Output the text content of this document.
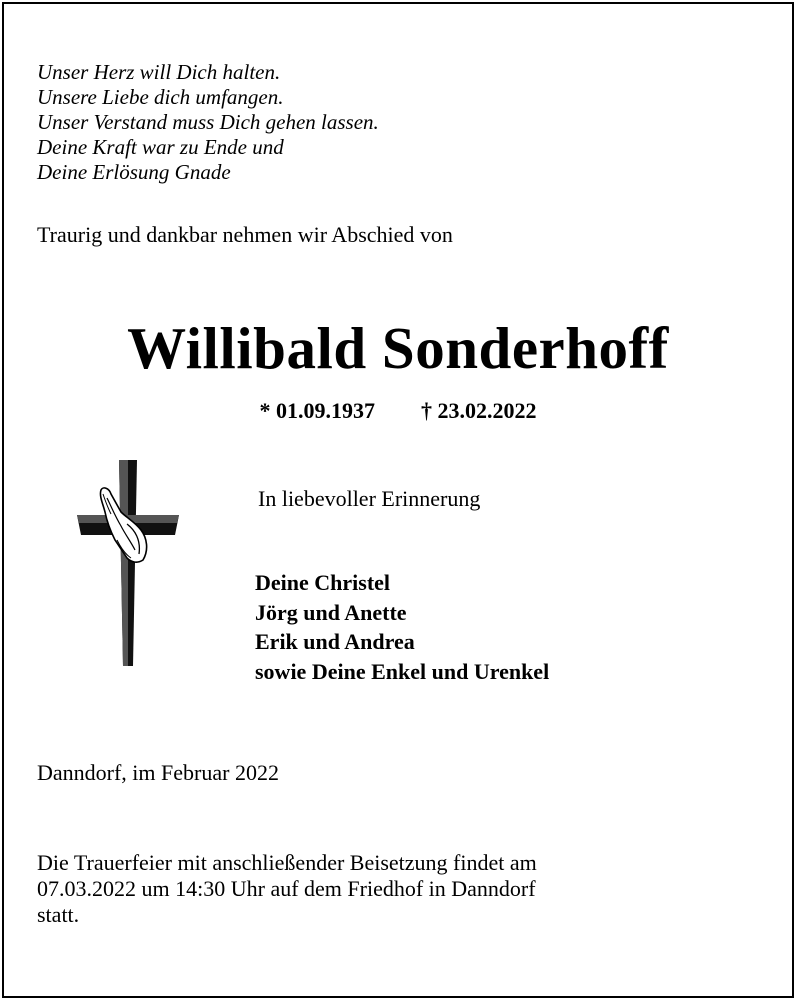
Unser Herz will Dich halten.
Unsere Liebe dich umfangen.
Unser Verstand muss Dich gehen lassen.
Deine Kraft war zu Ende und
Deine Erlösung Gnade
Traurig und dankbar nehmen wir Abschied von
Willibald Sonderhoff
* 01.09.1937 † 23.02.2022
In liebevoller Erinnerung
Deine Christel
Jörg und Anette
Erik und Andrea
sowie Deine Enkel und Urenkel
Danndorf, im Februar 2022
Die Trauerfeier mit anschließender Beisetzung findet am
07.03.2022 um 14:30 Uhr auf dem Friedhof in Danndorf
statt.
